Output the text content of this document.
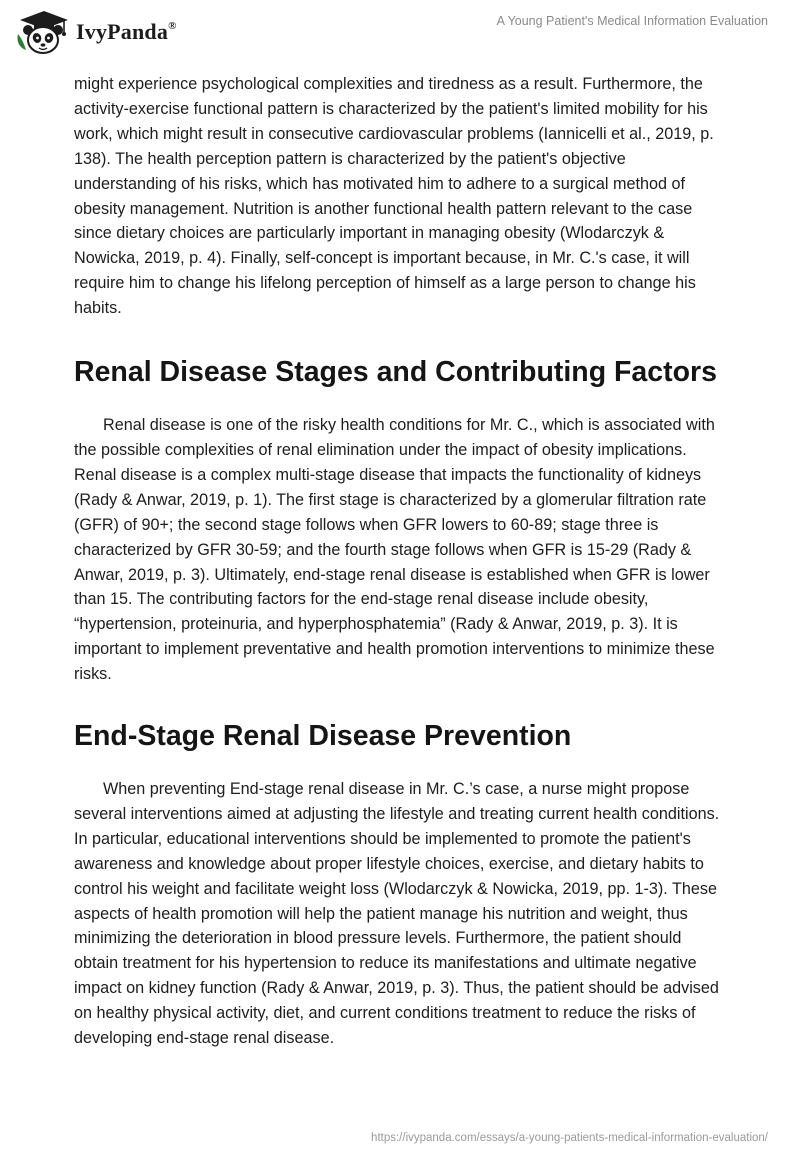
IvyPanda®	A Young Patient's Medical Information Evaluation

might experience psychological complexities and tiredness as a result. Furthermore, the activity-exercise functional pattern is characterized by the patient's limited mobility for his work, which might result in consecutive cardiovascular problems (Iannicelli et al., 2019, p. 138). The health perception pattern is characterized by the patient's objective understanding of his risks, which has motivated him to adhere to a surgical method of obesity management. Nutrition is another functional health pattern relevant to the case since dietary choices are particularly important in managing obesity (Wlodarczyk & Nowicka, 2019, p. 4). Finally, self-concept is important because, in Mr. C.'s case, it will require him to change his lifelong perception of himself as a large person to change his habits.

Renal Disease Stages and Contributing Factors

Renal disease is one of the risky health conditions for Mr. C., which is associated with the possible complexities of renal elimination under the impact of obesity implications. Renal disease is a complex multi-stage disease that impacts the functionality of kidneys (Rady & Anwar, 2019, p. 1). The first stage is characterized by a glomerular filtration rate (GFR) of 90+; the second stage follows when GFR lowers to 60-89; stage three is characterized by GFR 30-59; and the fourth stage follows when GFR is 15-29 (Rady & Anwar, 2019, p. 3). Ultimately, end-stage renal disease is established when GFR is lower than 15. The contributing factors for the end-stage renal disease include obesity, “hypertension, proteinuria, and hyperphosphatemia” (Rady & Anwar, 2019, p. 3). It is important to implement preventative and health promotion interventions to minimize these risks.

End-Stage Renal Disease Prevention

When preventing End-stage renal disease in Mr. C.’s case, a nurse might propose several interventions aimed at adjusting the lifestyle and treating current health conditions. In particular, educational interventions should be implemented to promote the patient's awareness and knowledge about proper lifestyle choices, exercise, and dietary habits to control his weight and facilitate weight loss (Wlodarczyk & Nowicka, 2019, pp. 1-3). These aspects of health promotion will help the patient manage his nutrition and weight, thus minimizing the deterioration in blood pressure levels. Furthermore, the patient should obtain treatment for his hypertension to reduce its manifestations and ultimate negative impact on kidney function (Rady & Anwar, 2019, p. 3). Thus, the patient should be advised on healthy physical activity, diet, and current conditions treatment to reduce the risks of developing end-stage renal disease.

https://ivypanda.com/essays/a-young-patients-medical-information-evaluation/
